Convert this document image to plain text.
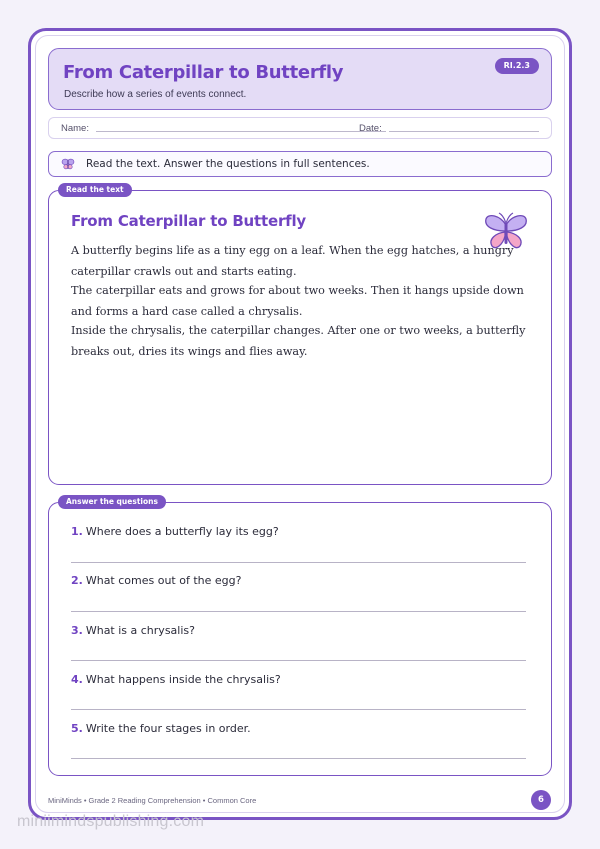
From Caterpillar to Butterfly
Describe how a series of events connect.
RI.2.3
Name:	Date:
Read the text. Answer the questions in full sentences.
Read the text
From Caterpillar to Butterfly
A butterfly begins life as a tiny egg on a leaf. When the egg hatches, a hungry caterpillar crawls out and starts eating.
The caterpillar eats and grows for about two weeks. Then it hangs upside down and forms a hard case called a chrysalis.
Inside the chrysalis, the caterpillar changes. After one or two weeks, a butterfly breaks out, dries its wings and flies away.
Answer the questions
1. Where does a butterfly lay its egg?
2. What comes out of the egg?
3. What is a chrysalis?
4. What happens inside the chrysalis?
5. Write the four stages in order.
MiniMinds • Grade 2 Reading Comprehension • Common Core	6
miniimindspublishing.com
